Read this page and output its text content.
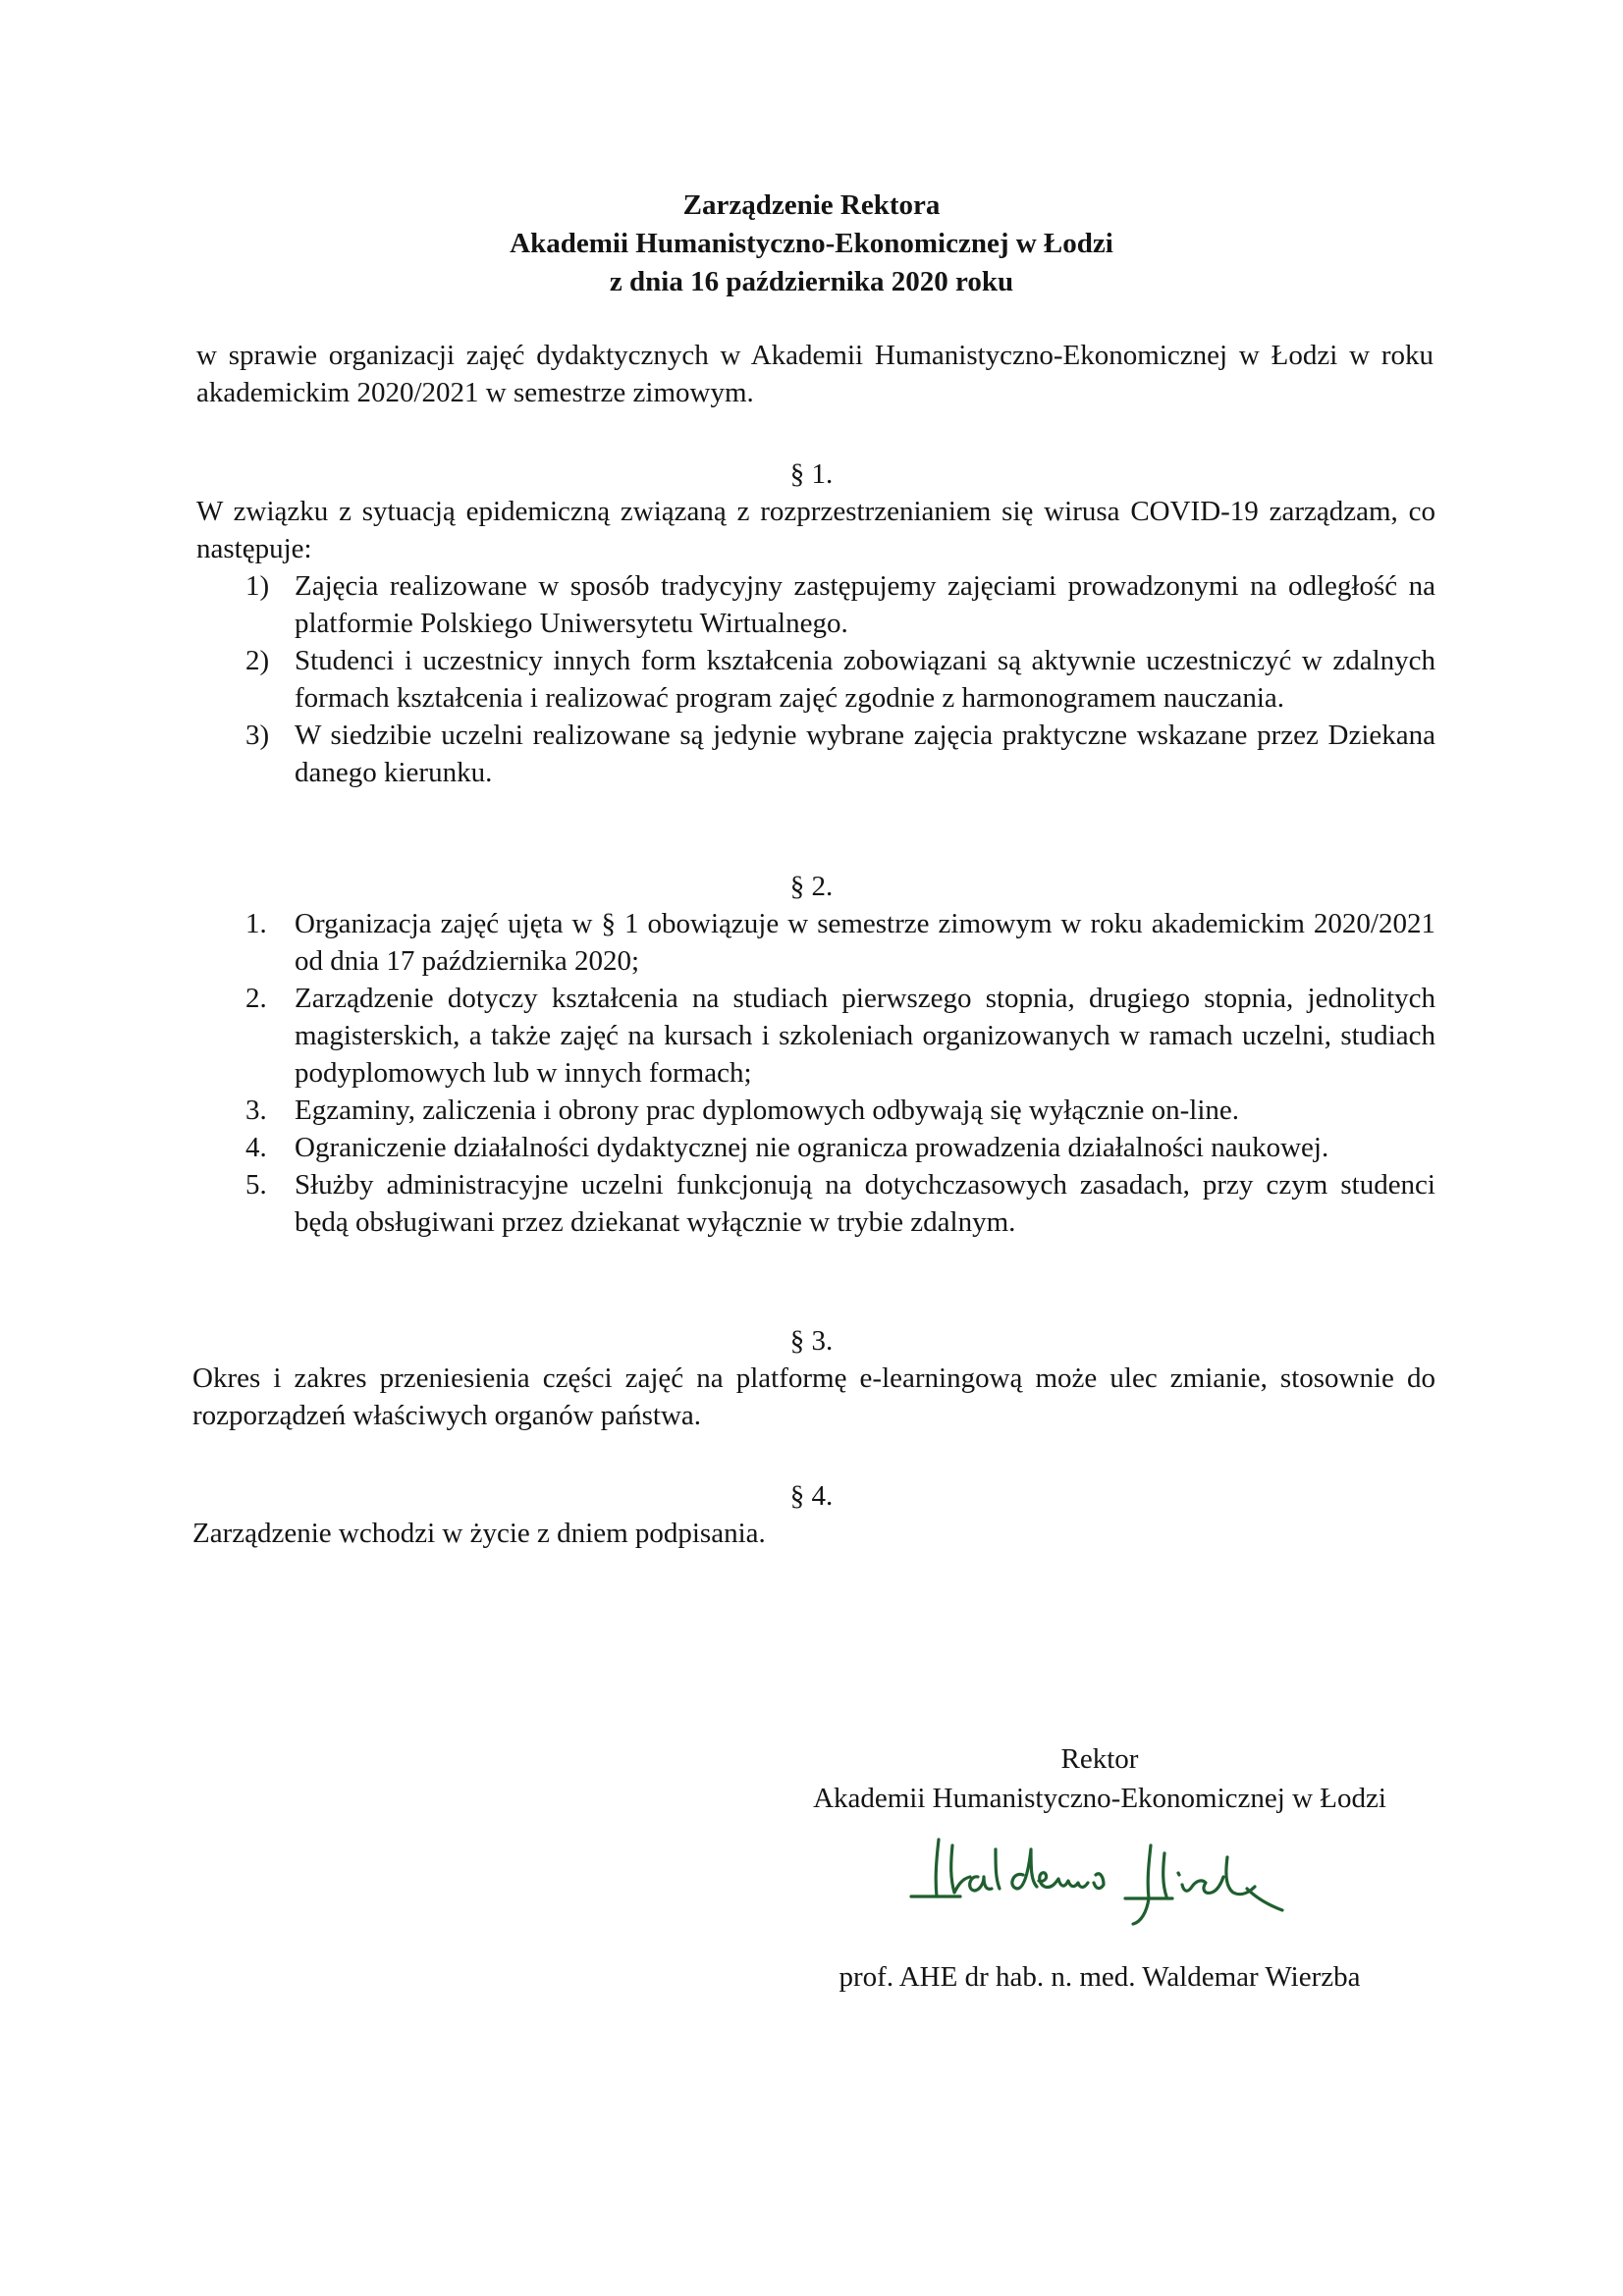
Zarządzenie Rektora
Akademii Humanistyczno-Ekonomicznej w Łodzi
z dnia 16 października 2020 roku
w sprawie organizacji zajęć dydaktycznych w Akademii Humanistyczno-Ekonomicznej w Łodzi w roku akademickim 2020/2021 w semestrze zimowym.
§ 1.

W związku z sytuacją epidemiczną związaną z rozprzestrzenianiem się wirusa COVID-19 zarządzam, co następuje:

1) Zajęcia realizowane w sposób tradycyjny zastępujemy zajęciami prowadzonymi na odległość na platformie Polskiego Uniwersytetu Wirtualnego.
2) Studenci i uczestnicy innych form kształcenia zobowiązani są aktywnie uczestniczyć w zdalnych formach kształcenia i realizować program zajęć zgodnie z harmonogramem nauczania.
3) W siedzibie uczelni realizowane są jedynie wybrane zajęcia praktyczne wskazane przez Dziekana danego kierunku.
§ 2.
1. Organizacja zajęć ujęta w § 1 obowiązuje w semestrze zimowym w roku akademickim 2020/2021 od dnia 17 października 2020;
2. Zarządzenie dotyczy kształcenia na studiach pierwszego stopnia, drugiego stopnia, jednolitych magisterskich, a także zajęć na kursach i szkoleniach organizowanych w ramach uczelni, studiach podyplomowych lub w innych formach;
3. Egzaminy, zaliczenia i obrony prac dyplomowych odbywają się wyłącznie on-line.
4. Ograniczenie działalności dydaktycznej nie ogranicza prowadzenia działalności naukowej.
5. Służby administracyjne uczelni funkcjonują na dotychczasowych zasadach, przy czym studenci będą obsługiwani przez dziekanat wyłącznie w trybie zdalnym.
§ 3.

Okres i zakres przeniesienia części zajęć na platformę e-learningową może ulec zmianie, stosownie do rozporządzeń właściwych organów państwa.

§ 4.

Zarządzenie wchodzi w życie z dniem podpisania.

Rektor
Akademii Humanistyczno-Ekonomicznej w Łodzi
prof. AHE dr hab. n. med. Waldemar Wierzba
